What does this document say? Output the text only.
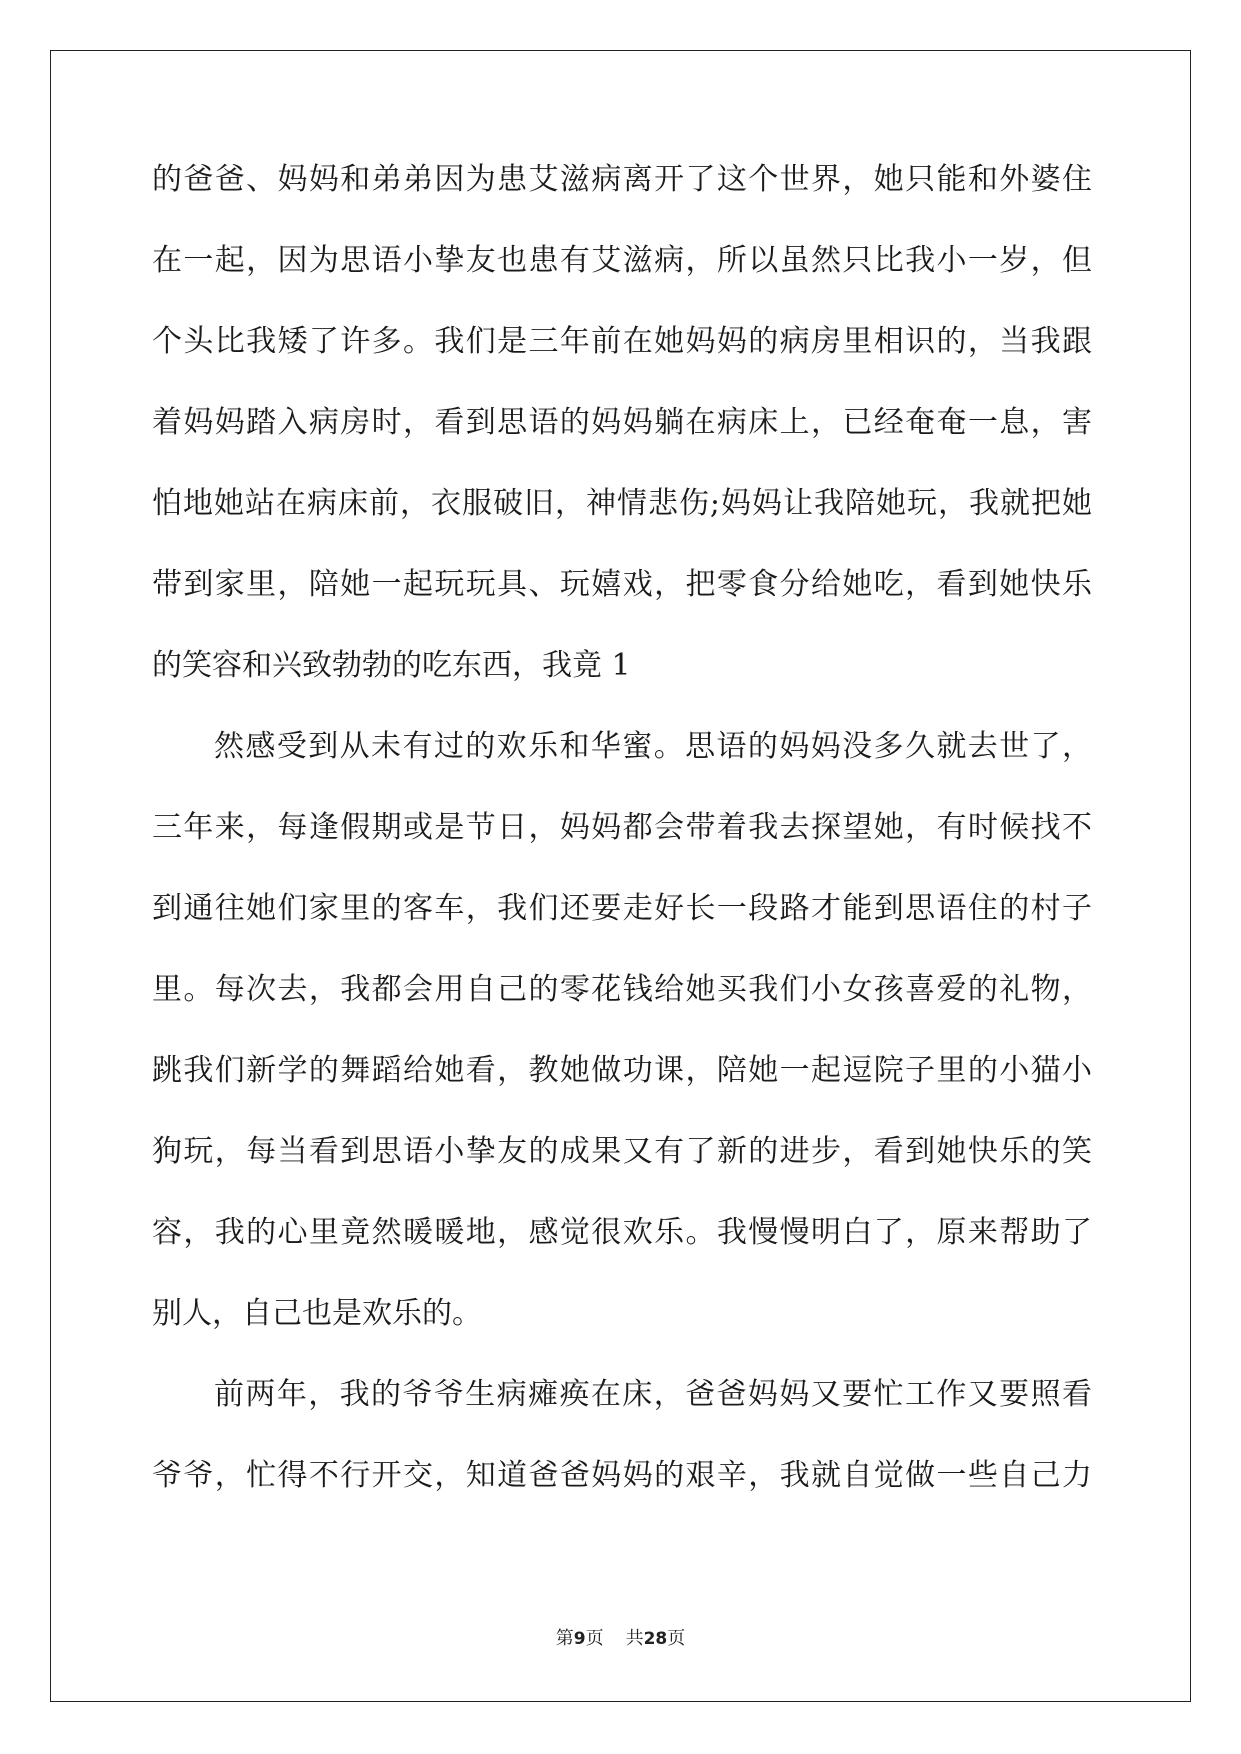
的爸爸、妈妈和弟弟因为患艾滋病离开了这个世界，她只能和外婆住
在一起，因为思语小挚友也患有艾滋病，所以虽然只比我小一岁，但
个头比我矮了许多。我们是三年前在她妈妈的病房里相识的，当我跟
着妈妈踏入病房时，看到思语的妈妈躺在病床上，已经奄奄一息，害
怕地她站在病床前，衣服破旧，神情悲伤;妈妈让我陪她玩，我就把她
带到家里，陪她一起玩玩具、玩嬉戏，把零食分给她吃，看到她快乐
的笑容和兴致勃勃的吃东西，我竟 1
然感受到从未有过的欢乐和华蜜。思语的妈妈没多久就去世了，
三年来，每逢假期或是节日，妈妈都会带着我去探望她，有时候找不
到通往她们家里的客车，我们还要走好长一段路才能到思语住的村子
里。每次去，我都会用自己的零花钱给她买我们小女孩喜爱的礼物，
跳我们新学的舞蹈给她看，教她做功课，陪她一起逗院子里的小猫小
狗玩，每当看到思语小挚友的成果又有了新的进步，看到她快乐的笑
容，我的心里竟然暖暖地，感觉很欢乐。我慢慢明白了，原来帮助了
别人，自己也是欢乐的。
前两年，我的爷爷生病瘫痪在床，爸爸妈妈又要忙工作又要照看
爷爷，忙得不行开交，知道爸爸妈妈的艰辛，我就自觉做一些自己力
第9页 共28页
